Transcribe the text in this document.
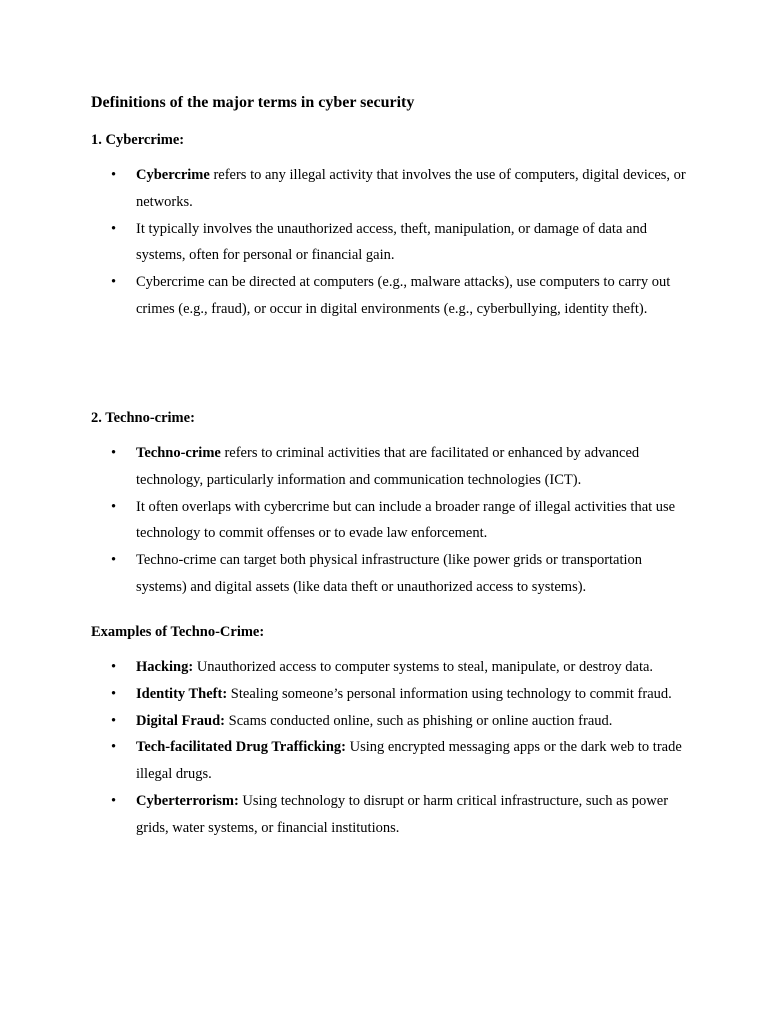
Definitions of the major terms in cyber security
1. Cybercrime:
• Cybercrime refers to any illegal activity that involves the use of computers, digital devices, or networks.
• It typically involves the unauthorized access, theft, manipulation, or damage of data and systems, often for personal or financial gain.
• Cybercrime can be directed at computers (e.g., malware attacks), use computers to carry out crimes (e.g., fraud), or occur in digital environments (e.g., cyberbullying, identity theft).
2. Techno-crime:
• Techno-crime refers to criminal activities that are facilitated or enhanced by advanced technology, particularly information and communication technologies (ICT).
• It often overlaps with cybercrime but can include a broader range of illegal activities that use technology to commit offenses or to evade law enforcement.
• Techno-crime can target both physical infrastructure (like power grids or transportation systems) and digital assets (like data theft or unauthorized access to systems).
Examples of Techno-Crime:
• Hacking: Unauthorized access to computer systems to steal, manipulate, or destroy data.
• Identity Theft: Stealing someone’s personal information using technology to commit fraud.
• Digital Fraud: Scams conducted online, such as phishing or online auction fraud.
• Tech-facilitated Drug Trafficking: Using encrypted messaging apps or the dark web to trade illegal drugs.
• Cyberterrorism: Using technology to disrupt or harm critical infrastructure, such as power grids, water systems, or financial institutions.
